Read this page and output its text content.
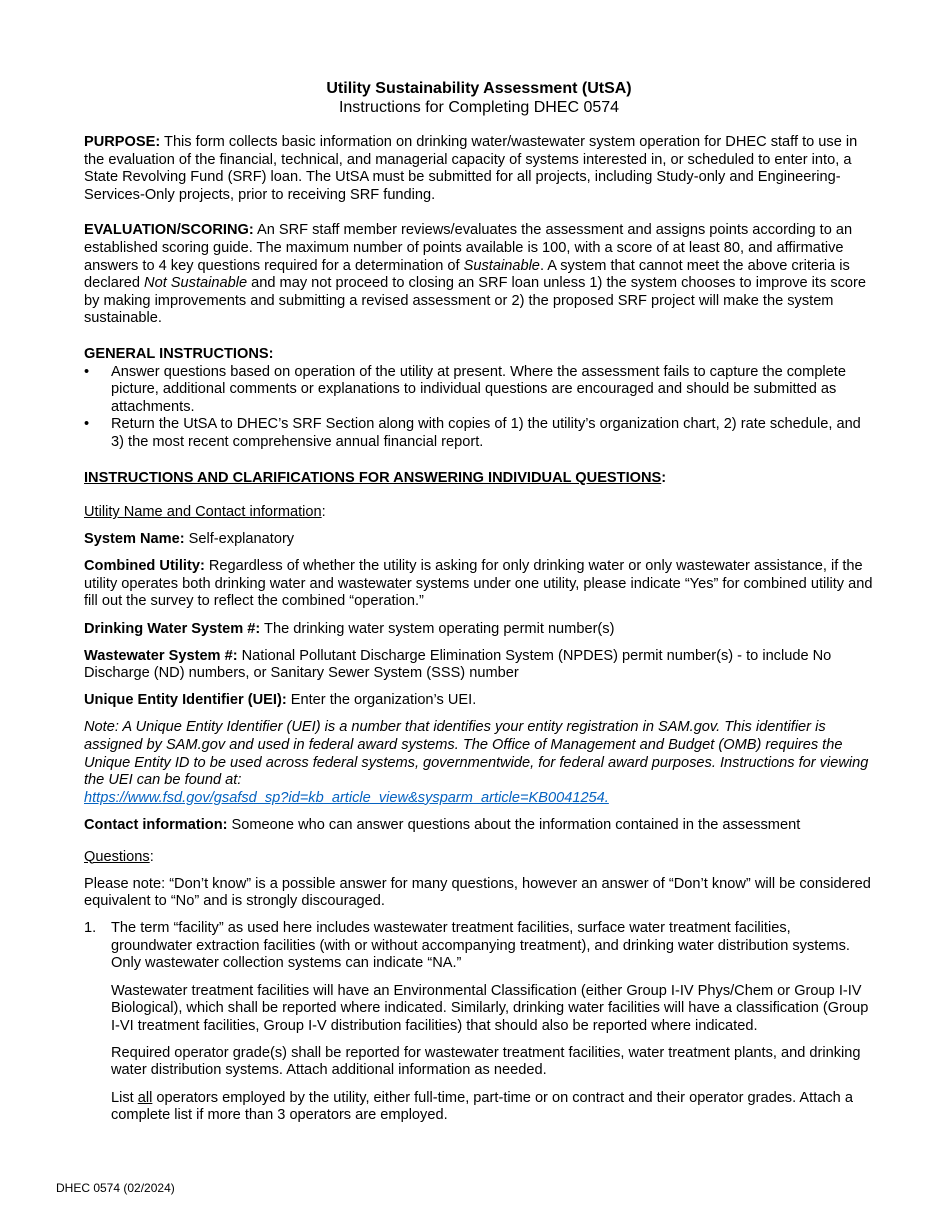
Utility Sustainability Assessment (UtSA)
Instructions for Completing DHEC 0574

PURPOSE: This form collects basic information on drinking water/wastewater system operation for DHEC staff to use in the evaluation of the financial, technical, and managerial capacity of systems interested in, or scheduled to enter into, a State Revolving Fund (SRF) loan. The UtSA must be submitted for all projects, including Study-only and Engineering-Services-Only projects, prior to receiving SRF funding.

EVALUATION/SCORING: An SRF staff member reviews/evaluates the assessment and assigns points according to an established scoring guide. The maximum number of points available is 100, with a score of at least 80, and affirmative answers to 4 key questions required for a determination of Sustainable. A system that cannot meet the above criteria is declared Not Sustainable and may not proceed to closing an SRF loan unless 1) the system chooses to improve its score by making improvements and submitting a revised assessment or 2) the proposed SRF project will make the system sustainable.

GENERAL INSTRUCTIONS:

• Answer questions based on operation of the utility at present. Where the assessment fails to capture the complete picture, additional comments or explanations to individual questions are encouraged and should be submitted as attachments.
• Return the UtSA to DHEC’s SRF Section along with copies of 1) the utility’s organization chart, 2) rate schedule, and 3) the most recent comprehensive annual financial report.

INSTRUCTIONS AND CLARIFICATIONS FOR ANSWERING INDIVIDUAL QUESTIONS:

Utility Name and Contact information:

System Name: Self-explanatory

Combined Utility: Regardless of whether the utility is asking for only drinking water or only wastewater assistance, if the utility operates both drinking water and wastewater systems under one utility, please indicate “Yes” for combined utility and fill out the survey to reflect the combined “operation.”

Drinking Water System #: The drinking water system operating permit number(s)

Wastewater System #: National Pollutant Discharge Elimination System (NPDES) permit number(s) - to include No Discharge (ND) numbers, or Sanitary Sewer System (SSS) number

Unique Entity Identifier (UEI): Enter the organization’s UEI.

Note: A Unique Entity Identifier (UEI) is a number that identifies your entity registration in SAM.gov. This identifier is assigned by SAM.gov and used in federal award systems. The Office of Management and Budget (OMB) requires the Unique Entity ID to be used across federal systems, governmentwide, for federal award purposes. Instructions for viewing the UEI can be found at:
https://www.fsd.gov/gsafsd_sp?id=kb_article_view&sysparm_article=KB0041254.

Contact information: Someone who can answer questions about the information contained in the assessment

Questions:

Please note: “Don’t know” is a possible answer for many questions, however an answer of “Don’t know” will be considered equivalent to “No” and is strongly discouraged.

1. The term “facility” as used here includes wastewater treatment facilities, surface water treatment facilities, groundwater extraction facilities (with or without accompanying treatment), and drinking water distribution systems. Only wastewater collection systems can indicate “NA.”

Wastewater treatment facilities will have an Environmental Classification (either Group I-IV Phys/Chem or Group I-IV Biological), which shall be reported where indicated. Similarly, drinking water facilities will have a classification (Group I-VI treatment facilities, Group I-V distribution facilities) that should also be reported where indicated.

Required operator grade(s) shall be reported for wastewater treatment facilities, water treatment plants, and drinking water distribution systems. Attach additional information as needed.

List all operators employed by the utility, either full-time, part-time or on contract and their operator grades. Attach a complete list if more than 3 operators are employed.

DHEC 0574 (02/2024)
